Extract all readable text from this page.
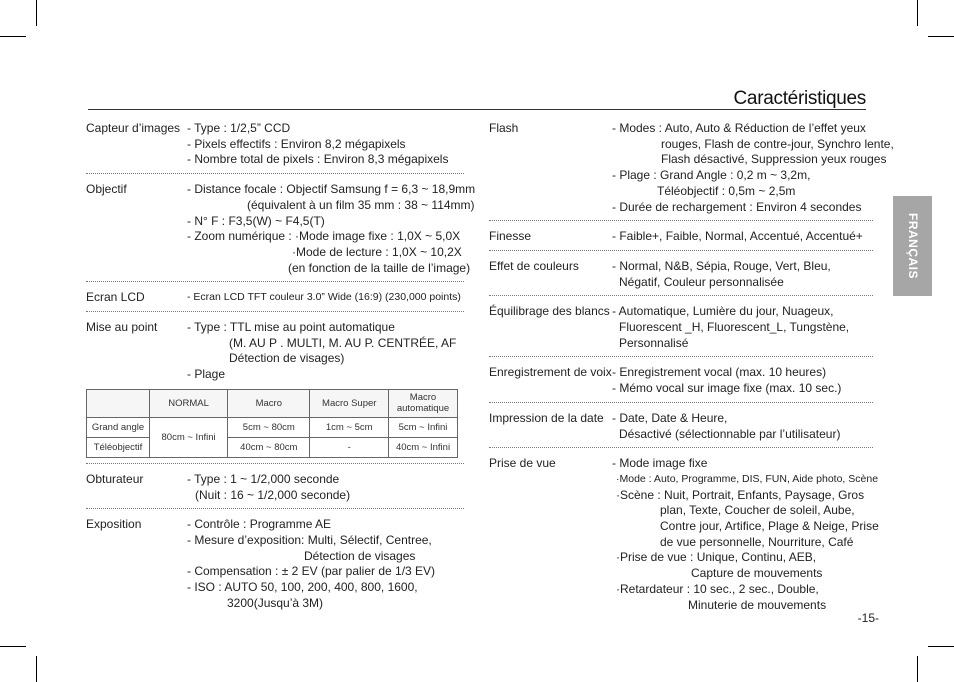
Caractéristiques
FRANÇAIS
Capteur d’images - Type : 1/2,5” CCD
- Pixels effectifs : Environ 8,2 mégapixels
- Nombre total de pixels : Environ 8,3 mégapixels
Objectif	- Distance focale : Objectif Samsung f = 6,3 ~ 18,9mm
(équivalent à un film 35 mm : 38 ~ 114mm)
- N° F : F3,5(W) ~ F4,5(T)
- Zoom numérique : ·Mode image fixe : 1,0X ~ 5,0X
·Mode de lecture : 1,0X ~ 10,2X
(en fonction de la taille de l’image)
Ecran LCD	- Ecran LCD TFT couleur 3.0” Wide (16:9) (230,000 points)
Mise au point - Type : TTL mise au point automatique
(M. AU P . MULTI, M. AU P. CENTRÉE, AF
Détection de visages)
- Plage
	NORMAL	Macro	Macro Super	Macro automatique
Grand angle	80cm ~ Infini	5cm ~ 80cm	1cm ~ 5cm	5cm ~ Infini
Téléobjectif		40cm ~ 80cm	-	40cm ~ Infini
Obturateur	- Type : 1 ~ 1/2,000 seconde
(Nuit : 16 ~ 1/2,000 seconde)
Exposition	- Contrôle : Programme AE
- Mesure d’exposition: Multi, Sélectif, Centree,
Détection de visages
- Compensation : ± 2 EV (par palier de 1/3 EV)
- ISO : AUTO 50, 100, 200, 400, 800, 1600,
3200(Jusqu’à 3M)
Flash	- Modes : Auto, Auto & Réduction de l’effet yeux
rouges, Flash de contre-jour, Synchro lente,
Flash désactivé, Suppression yeux rouges
- Plage : Grand Angle : 0,2 m ~ 3,2m,
Téléobjectif : 0,5m ~ 2,5m
- Durée de rechargement : Environ 4 secondes
Finesse	- Faible+, Faible, Normal, Accentué, Accentué+
Effet de couleurs	- Normal, N&B, Sépia, Rouge, Vert, Bleu,
Négatif, Couleur personnalisée
Équilibrage des blancs - Automatique, Lumière du jour, Nuageux,
Fluorescent _H, Fluorescent_L, Tungstène,
Personnalisé
Enregistrement de voix - Enregistrement vocal (max. 10 heures)
- Mémo vocal sur image fixe (max. 10 sec.)
Impression de la date - Date, Date & Heure,
Désactivé (sélectionnable par l’utilisateur)
Prise de vue	- Mode image fixe
·Mode : Auto, Programme, DIS, FUN, Aide photo, Scène
·Scène : Nuit, Portrait, Enfants, Paysage, Gros
plan, Texte, Coucher de soleil, Aube,
Contre jour, Artifice, Plage & Neige, Prise
de vue personnelle, Nourriture, Café
·Prise de vue : Unique, Continu, AEB,
Capture de mouvements
·Retardateur : 10 sec., 2 sec., Double,
Minuterie de mouvements
-15-
